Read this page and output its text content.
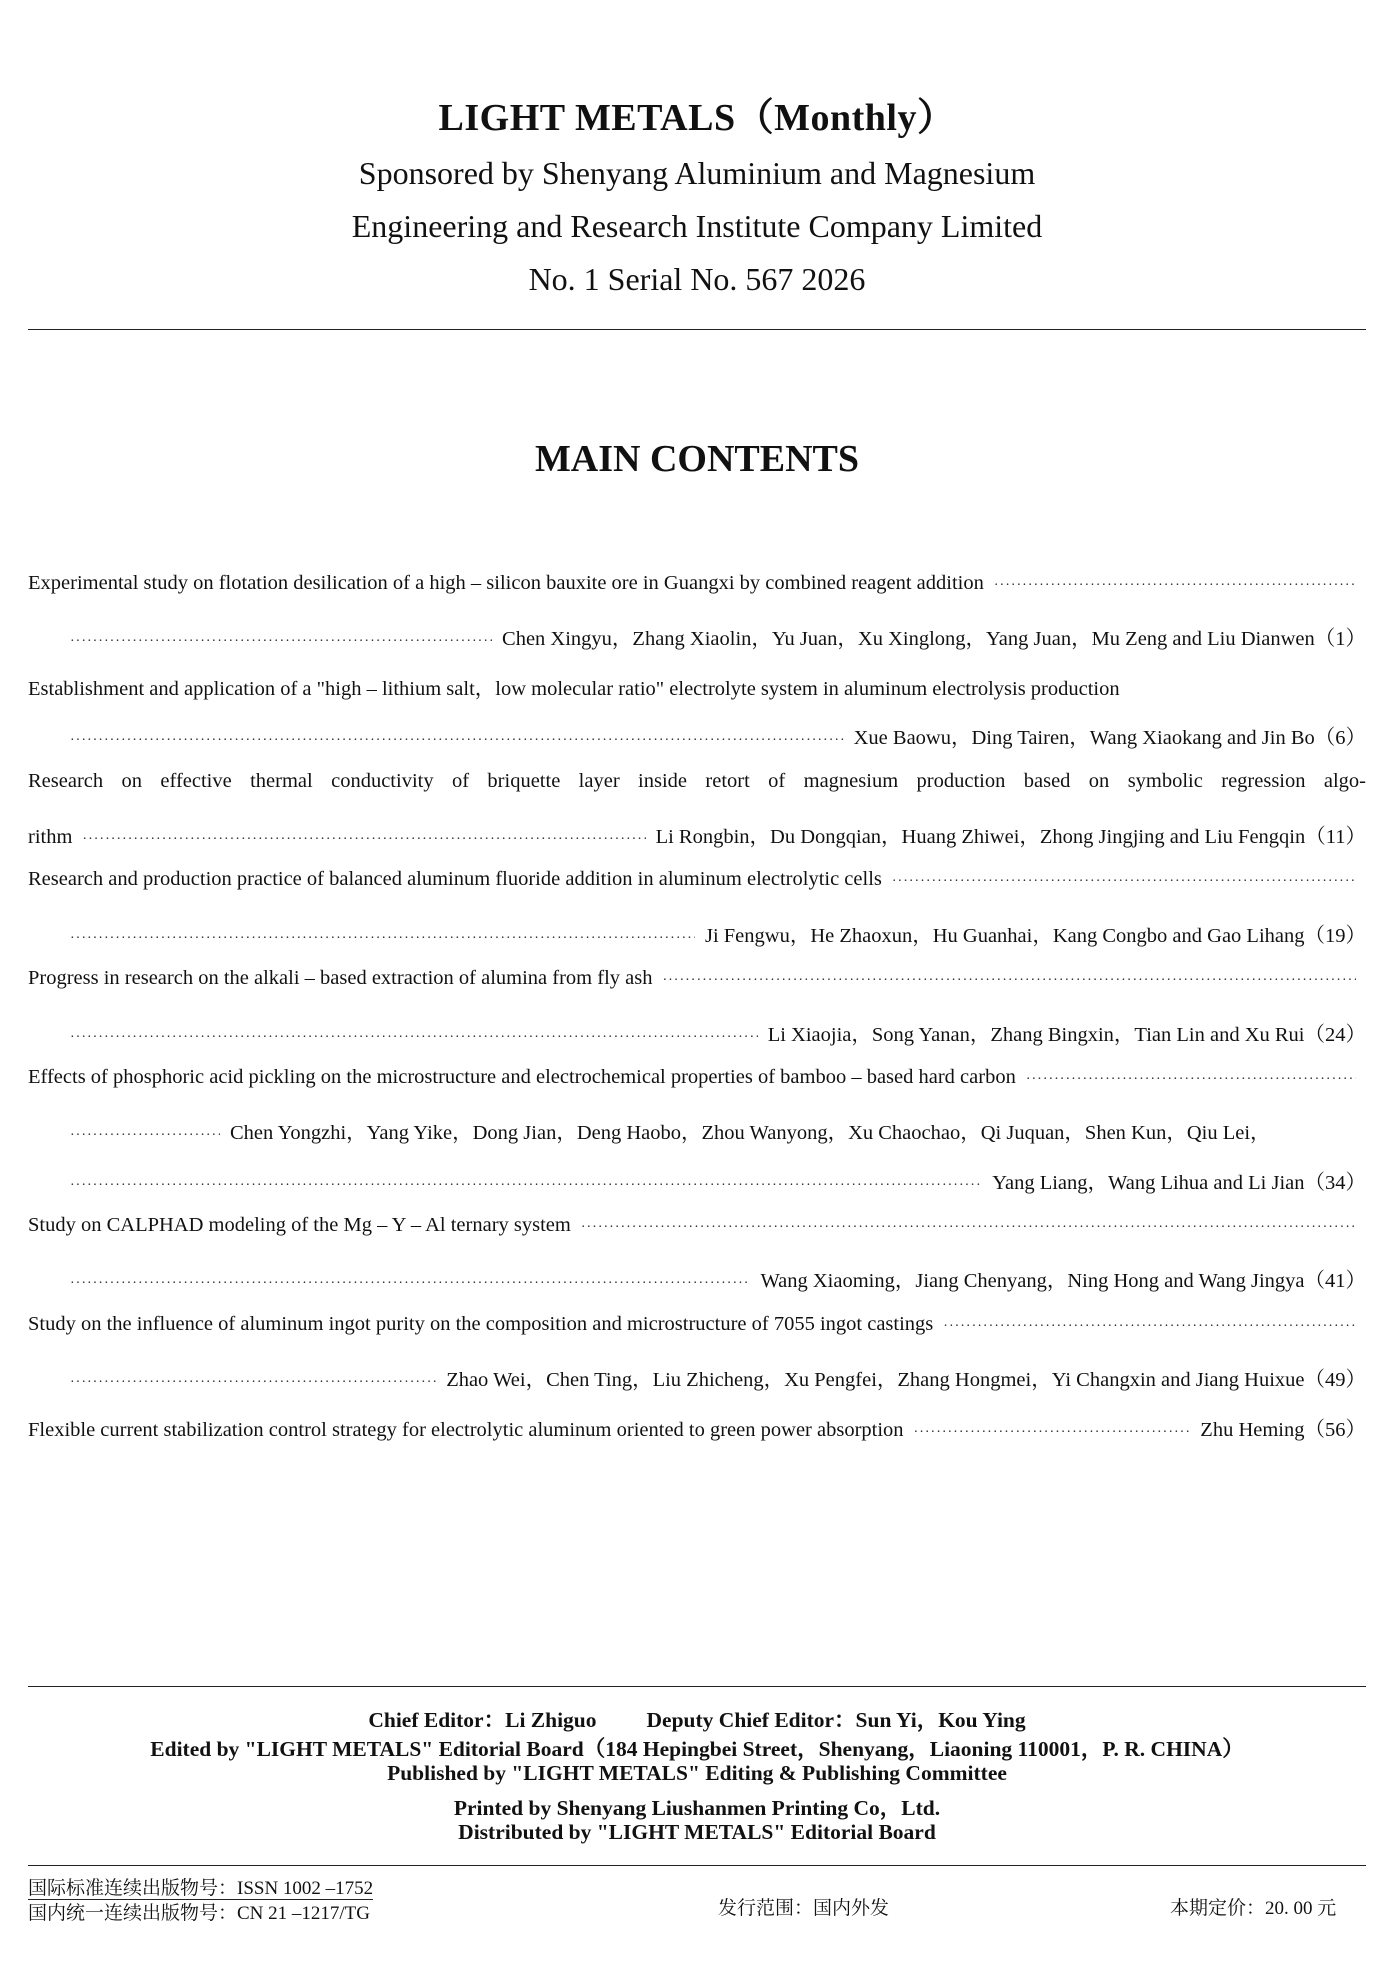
LIGHT METALS（Monthly）
Sponsored by Shenyang Aluminium and Magnesium
Engineering and Research Institute Company Limited
No. 1 Serial No. 567 2026
MAIN CONTENTS
Experimental study on flotation desilication of a high – silicon bauxite ore in Guangxi by combined reagent addition
·····
·····
Chen Xingyu，Zhang Xiaolin，Yu Juan，Xu Xinglong，Yang Juan，Mu Zeng and Liu Dianwen（1）
Establishment and application of a "high – lithium salt，low molecular ratio" electrolyte system in aluminum electrolysis production
·····
Xue Baowu，Ding Tairen，Wang Xiaokang and Jin Bo（6）
Research on effective thermal conductivity of briquette layer inside retort of magnesium production based on symbolic regression algo-
rithm ·····	Li Rongbin，Du Dongqian，Huang Zhiwei，Zhong Jingjing and Liu Fengqin（11）
Research and production practice of balanced aluminum fluoride addition in aluminum electrolytic cells
·····
·····
Ji Fengwu，He Zhaoxun，Hu Guanhai，Kang Congbo and Gao Lihang（19）
Progress in research on the alkali – based extraction of alumina from fly ash
·····
·····
Li Xiaojia，Song Yanan，Zhang Bingxin，Tian Lin and Xu Rui（24）
Effects of phosphoric acid pickling on the microstructure and electrochemical properties of bamboo – based hard carbon
·····
·····
Chen Yongzhi，Yang Yike，Dong Jian，Deng Haobo，Zhou Wanyong，Xu Chaochao，Qi Juquan，Shen Kun，Qiu Lei，
·····
Yang Liang，Wang Lihua and Li Jian（34）
Study on CALPHAD modeling of the Mg – Y – Al ternary system
·····
·····
Wang Xiaoming，Jiang Chenyang，Ning Hong and Wang Jingya（41）
Study on the influence of aluminum ingot purity on the composition and microstructure of 7055 ingot castings
·····
·····
Zhao Wei，Chen Ting，Liu Zhicheng，Xu Pengfei，Zhang Hongmei，Yi Changxin and Jiang Huixue（49）
Flexible current stabilization control strategy for electrolytic aluminum oriented to green power absorption ·····	Zhu Heming（56）
Chief Editor：Li Zhiguo Deputy Chief Editor：Sun Yi，Kou Ying
Edited by "LIGHT METALS" Editorial Board（184 Hepingbei Street，Shenyang，Liaoning 110001，P. R. CHINA）
Published by "LIGHT METALS" Editing & Publishing Committee
Printed by Shenyang Liushanmen Printing Co，Ltd.
Distributed by "LIGHT METALS" Editorial Board
国际标准连续出版物号：ISSN 1002 –1752
国内统一连续出版物号：CN 21 –1217/TG	发行范围：国内外发	本期定价：20. 00 元
